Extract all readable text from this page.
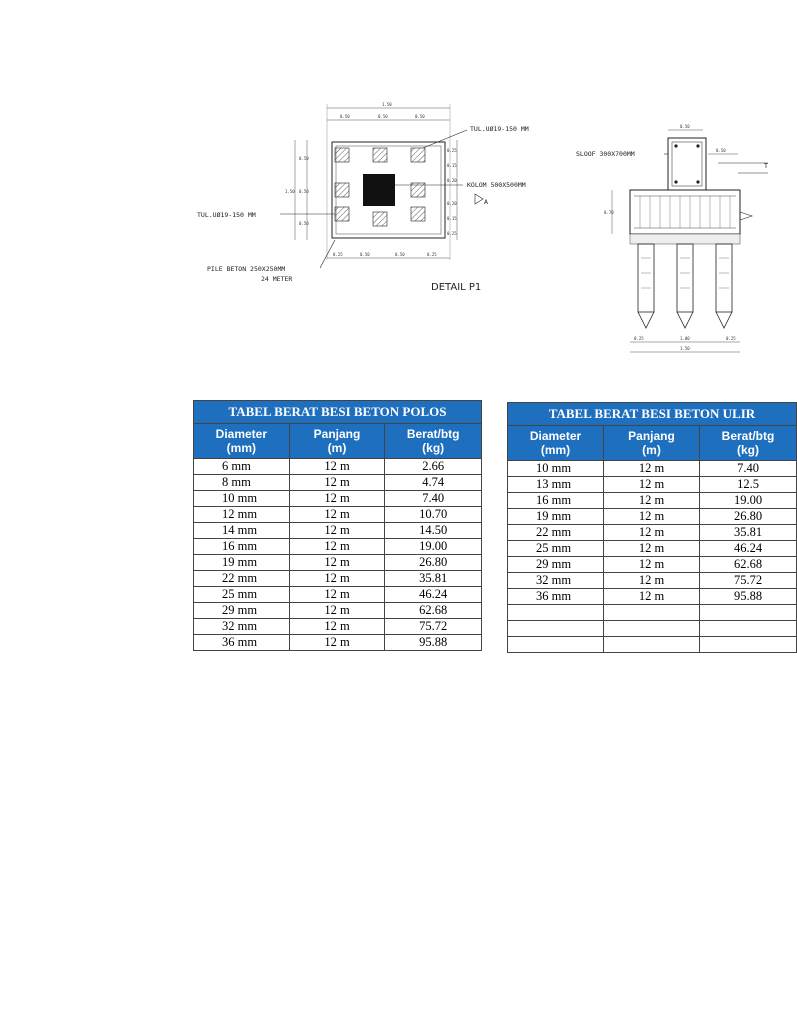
1.50
0.50	0.50	0.50
1.50
0.50
0.50
0.50
0.25
0.15
0.20
0.20
0.15
0.25
TUL.UØ19-150 MM
KOLOM 500X500MM
A
TUL.UØ19-150 MM
PILE BETON 250X250MM
24 METER
0.25	0.50	0.50	0.25
DETAIL P1
0.50
0.50
SLOOF 300X700MM
0.70
T
0.25	1.00	0.25
1.50
TABEL BERAT BESI BETON POLOS		
Diameter
(mm)	Panjang
(m)	Berat/btg
(kg)
6 mm	12 m	2.66
8 mm	12 m	4.74
10 mm	12 m	7.40
12 mm	12 m	10.70
14 mm	12 m	14.50
16 mm	12 m	19.00
19 mm	12 m	26.80
22 mm	12 m	35.81
25 mm	12 m	46.24
29 mm	12 m	62.68
32 mm	12 m	75.72
36 mm	12 m	95.88
TABEL BERAT BESI BETON ULIR		
Diameter
(mm)	Panjang
(m)	Berat/btg
(kg)
10 mm	12 m	7.40
13 mm	12 m	12.5
16 mm	12 m	19.00
19 mm	12 m	26.80
22 mm	12 m	35.81
25 mm	12 m	46.24
29 mm	12 m	62.68
32 mm	12 m	75.72
36 mm	12 m	95.88
